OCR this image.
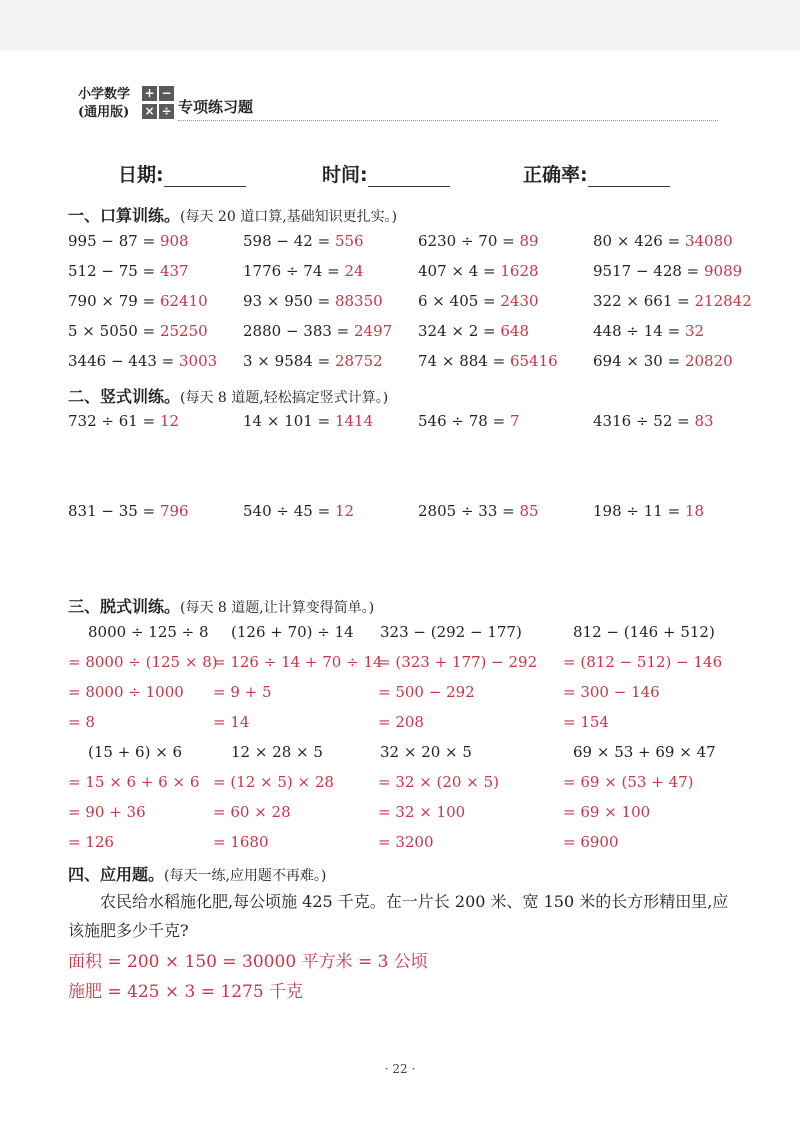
小学数学
(通用版)
+ −
× ÷ 专项练习题
日期:	时间:	正确率:
一、口算训练。(每天 20 道口算,基础知识更扎实。)
995 − 87 = 908	598 − 42 = 556	6230 ÷ 70 = 89	80 × 426 = 34080
512 − 75 = 437	1776 ÷ 74 = 24	407 × 4 = 1628	9517 − 428 = 9089
790 × 79 = 62410 93 × 950 = 88350 6 × 405 = 2430	322 × 661 = 212842
5 × 5050 = 25250 2880 − 383 = 2497 324 × 2 = 648	448 ÷ 14 = 32
3446 − 443 = 3003 3 × 9584 = 28752 74 × 884 = 65416 694 × 30 = 20820
二、竖式训练。(每天 8 道题,轻松搞定竖式计算。)
732 ÷ 61 = 12	14 × 101 = 1414	546 ÷ 78 = 7	4316 ÷ 52 = 83
831 − 35 = 796	540 ÷ 45 = 12	2805 ÷ 33 = 85	198 ÷ 11 = 18
三、脱式训练。(每天 8 道题,让计算变得简单。)
8000 ÷ 125 ÷ 8
= 8000 ÷ (125 × 8)
= 8000 ÷ 1000
= 8
(126 + 70) ÷ 14
= 126 ÷ 14 + 70 ÷ 14
= 9 + 5
= 14
323 − (292 − 177)
= (323 + 177) − 292
= 500 − 292
= 208
812 − (146 + 512)
= (812 − 512) − 146
= 300 − 146
= 154
(15 + 6) × 6
= 15 × 6 + 6 × 6
= 90 + 36
= 126
12 × 28 × 5
= (12 × 5) × 28
= 60 × 28
= 1680
32 × 20 × 5
= 32 × (20 × 5)
= 32 × 100
= 3200
69 × 53 + 69 × 47
= 69 × (53 + 47)
= 69 × 100
= 6900
四、应用题。(每天一练,应用题不再难。)
农民给水稻施化肥,每公顷施 425 千克。在一片长 200 米、宽 150 米的长方形精田里,应该施肥多少千克?
面积 = 200 × 150 = 30000 平方米 = 3 公顷
施肥 = 425 × 3 = 1275 千克
· 22 ·
